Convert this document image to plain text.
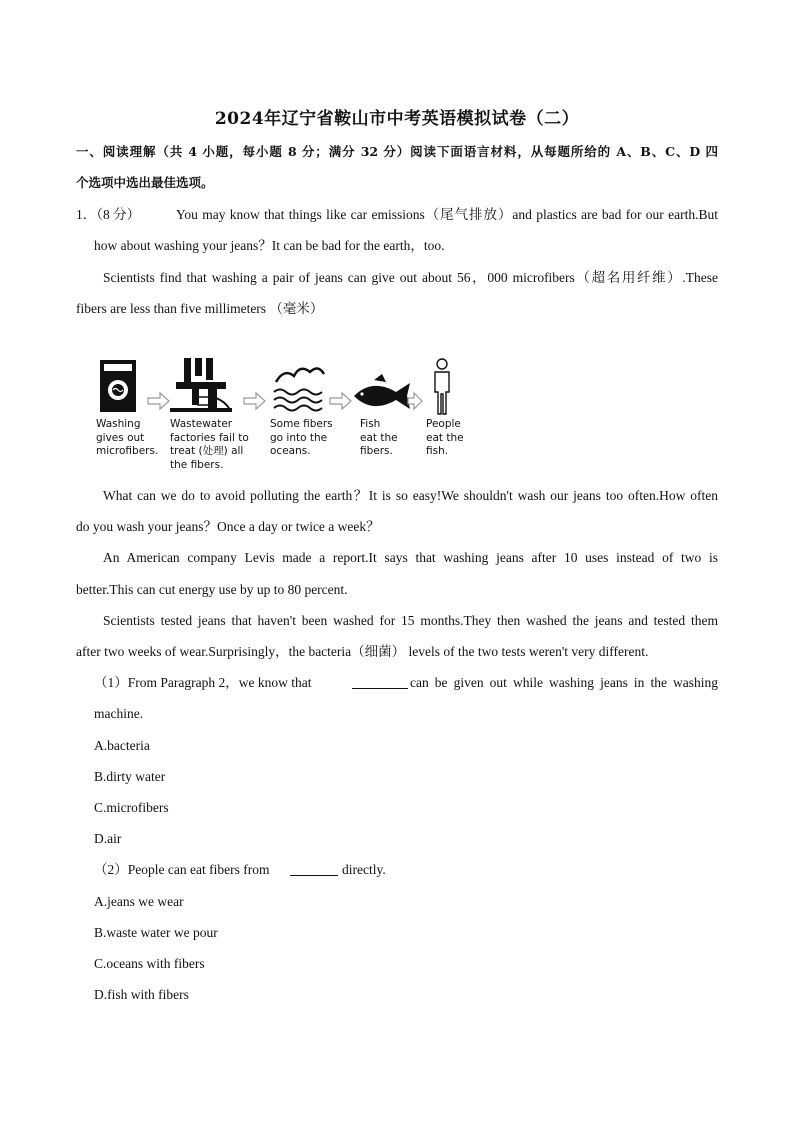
2024年辽宁省鞍山市中考英语模拟试卷（二）
一、阅读理解（共 4 小题，每小题 8 分；满分 32 分）阅读下面语言材料，从每题所给的 A、B、C、D 四
个选项中选出最佳选项。
1．（8 分）	You may know that things like car emissions（尾气排放）and plastics are bad for our earth.But
how about washing your jeans？It can be bad for the earth，too.
Scientists find that washing a pair of jeans can give out about 56，000 microfibers（超名用纤维）.These
fibers are less than five millimeters （毫米）
Washing
gives out
microfibers.
Wastewater
factories fail to
treat (处理) all
the fibers.
Some fibers
go into the
oceans.
Fish
eat the
fibers.
People
eat the
fish.
What can we do to avoid polluting the earth？It is so easy!We shouldn't wash our jeans too often.How often
do you wash your jeans？Once a day or twice a week？
An American company Levis made a report.It says that washing jeans after 10 uses instead of two is
better.This can cut energy use by up to 80 percent.
Scientists tested jeans that haven't been washed for 15 months.They then washed the jeans and tested them
after two weeks of wear.Surprisingly，the bacteria（细菌） levels of the two tests weren't very different.
（1）From Paragraph 2，we know that	can be given out while washing jeans in the washing
machine.
A.bacteria
B.dirty water
C.microfibers
D.air
（2）People can eat fibers from	directly.
A.jeans we wear
B.waste water we pour
C.oceans with fibers
D.fish with fibers
